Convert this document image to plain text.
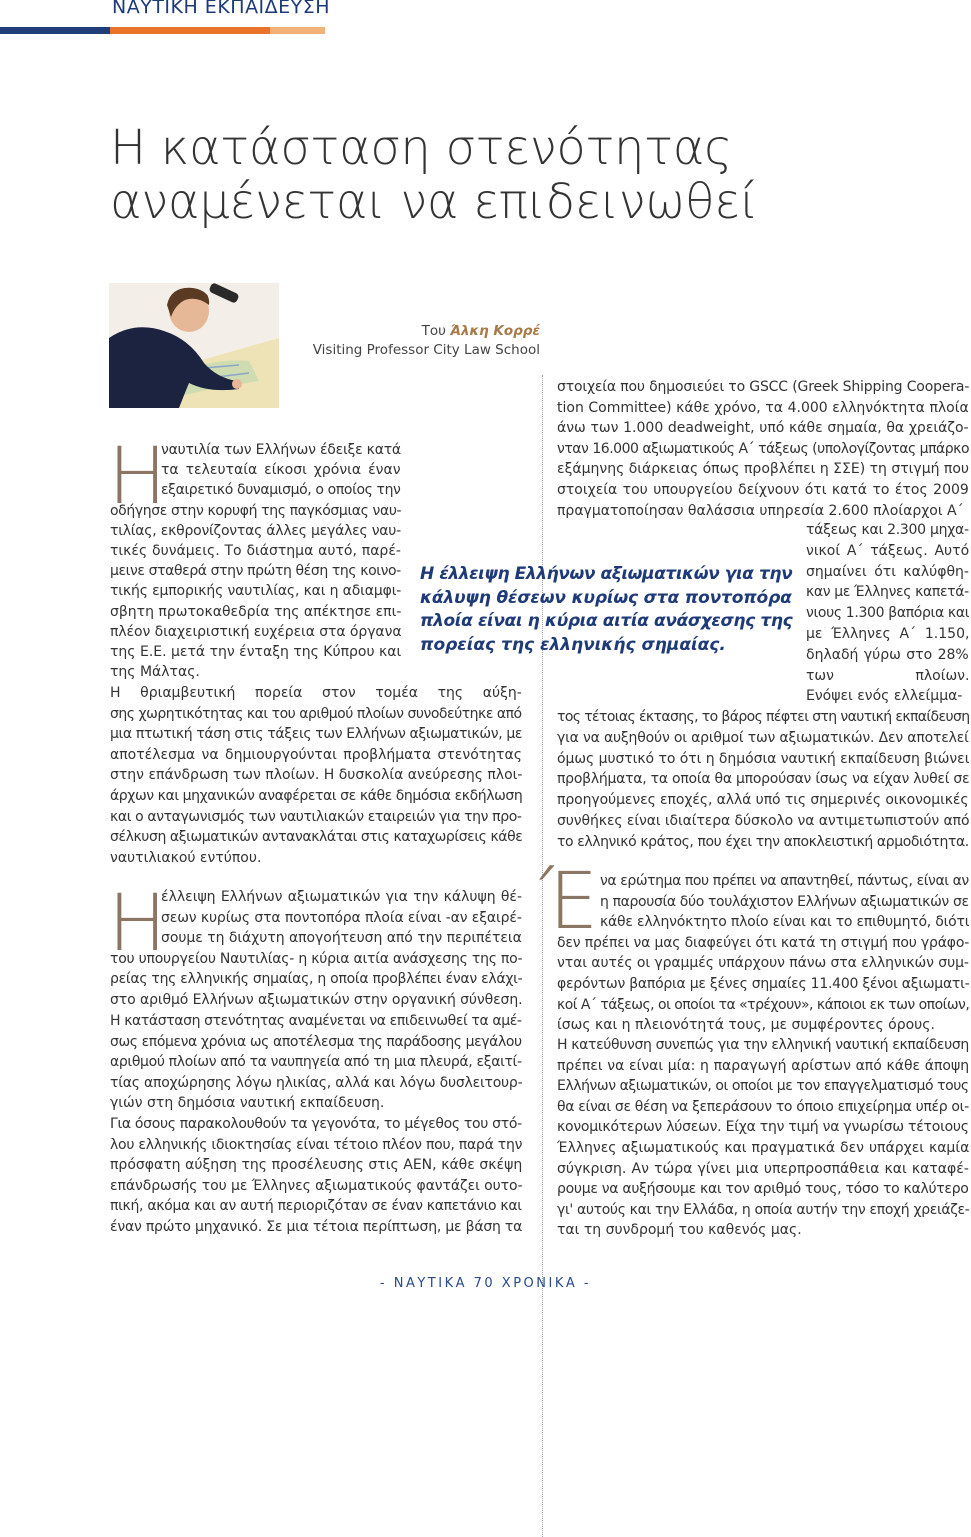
ΝΑΥΤΙΚΗ ΕΚΠΑΙΔΕΥΣΗ
Η κατάσταση στενότητας
αναμένεται να επιδεινωθεί
Του Άλκη Κορρέ
Visiting Professor City Law School
Η
Η	Έ
ναυτιλία των Ελλήνων έδειξε κατά
τα τελευταία είκοσι χρόνια έναν
εξαιρετικό δυναμισμό, ο οποίος την
οδήγησε στην κορυφή της παγκόσμιας ναυ-
τιλίας, εκθρονίζοντας άλλες μεγάλες ναυ-
τικές δυνάμεις. Το διάστημα αυτό, παρέ-
μεινε σταθερά στην πρώτη θέση της κοινο-
τικής εμπορικής ναυτιλίας, και η αδιαμφι-
σβητη πρωτοκαθεδρία της απέκτησε επι-
πλέον διαχειριστική ευχέρεια στα όργανα
της Ε.Ε. μετά την ένταξη της Κύπρου και
της Μάλτας.
Η θριαμβευτική πορεία στον τομέα της αύξη-
σης χωρητικότητας και του αριθμού πλοίων συνοδεύτηκε από
μια πτωτική τάση στις τάξεις των Ελλήνων αξιωματικών, με
αποτέλεσμα να δημιουργούνται προβλήματα στενότητας
στην επάνδρωση των πλοίων. Η δυσκολία ανεύρεσης πλοι-
άρχων και μηχανικών αναφέρεται σε κάθε δημόσια εκδήλωση
και ο ανταγωνισμός των ναυτιλιακών εταιρειών για την προ-
σέλκυση αξιωματικών αντανακλάται στις καταχωρίσεις κάθε
ναυτιλιακού εντύπου.
έλλειψη Ελλήνων αξιωματικών για την κάλυψη θέ-
σεων κυρίως στα ποντοπόρα πλοία είναι -αν εξαιρέ-
σουμε τη διάχυτη απογοήτευση από την περιπέτεια
του υπουργείου Ναυτιλίας- η κύρια αιτία ανάσχεσης της πο-
ρείας της ελληνικής σημαίας, η οποία προβλέπει έναν ελάχι-
στο αριθμό Ελλήνων αξιωματικών στην οργανική σύνθεση.
Η κατάσταση στενότητας αναμένεται να επιδεινωθεί τα αμέ-
σως επόμενα χρόνια ως αποτέλεσμα της παράδοσης μεγάλου
αριθμού πλοίων από τα ναυπηγεία από τη μια πλευρά, εξαιτί-
τίας αποχώρησης λόγω ηλικίας, αλλά και λόγω δυσλειτουρ-
γιών στη δημόσια ναυτική εκπαίδευση.
Για όσους παρακολουθούν τα γεγονότα, το μέγεθος του στό-
λου ελληνικής ιδιοκτησίας είναι τέτοιο πλέον που, παρά την
πρόσφατη αύξηση της προσέλευσης στις ΑΕΝ, κάθε σκέψη
επάνδρωσής του με Έλληνες αξιωματικούς φαντάζει ουτο-
πική, ακόμα και αν αυτή περιοριζόταν σε έναν καπετάνιο και
έναν πρώτο μηχανικό. Σε μια τέτοια περίπτωση, με βάση τα
στοιχεία που δημοσιεύει το GSCC (Greek Shipping Coopera-
tion Committee) κάθε χρόνο, τα 4.000 ελληνόκτητα πλοία
άνω των 1.000 deadweight, υπό κάθε σημαία, θα χρειάζο-
νταν 16.000 αξιωματικούς Α΄ τάξεως (υπολογίζοντας μπάρκο
εξάμηνης διάρκειας όπως προβλέπει η ΣΣΕ) τη στιγμή που
στοιχεία του υπουργείου δείχνουν ότι κατά το έτος 2009
πραγματοποίησαν θαλάσσια υπηρεσία 2.600 πλοίαρχοι Α΄
τάξεως και 2.300 μηχα-
νικοί Α΄ τάξεως. Αυτό
σημαίνει ότι καλύφθη-
καν με Έλληνες καπετά-
νιους 1.300 βαπόρια και
με Έλληνες Α΄ 1.150,
δηλαδή γύρω στο 28%
των πλοίων.
Ενόψει ενός ελλείμμα-
τος τέτοιας έκτασης, το βάρος πέφτει στη ναυτική εκπαίδευση
για να αυξηθούν οι αριθμοί των αξιωματικών. Δεν αποτελεί
όμως μυστικό το ότι η δημόσια ναυτική εκπαίδευση βιώνει
προβλήματα, τα οποία θα μπορούσαν ίσως να είχαν λυθεί σε
προηγούμενες εποχές, αλλά υπό τις σημερινές οικονομικές
συνθήκες είναι ιδιαίτερα δύσκολο να αντιμετωπιστούν από
το ελληνικό κράτος, που έχει την αποκλειστική αρμοδιότητα.
να ερώτημα που πρέπει να απαντηθεί, πάντως, είναι αν
η παρουσία δύο τουλάχιστον Ελλήνων αξιωματικών σε
κάθε ελληνόκτητο πλοίο είναι και το επιθυμητό, διότι
δεν πρέπει να μας διαφεύγει ότι κατά τη στιγμή που γράφο-
νται αυτές οι γραμμές υπάρχουν πάνω στα ελληνικών συμ-
φερόντων βαπόρια με ξένες σημαίες 11.400 ξένοι αξιωματι-
κοί Α΄ τάξεως, οι οποίοι τα «τρέχουν», κάποιοι εκ των οποίων,
ίσως και η πλειονότητά τους, με συμφέροντες όρους.
Η κατεύθυνση συνεπώς για την ελληνική ναυτική εκπαίδευση
πρέπει να είναι μία: η παραγωγή αρίστων από κάθε άποψη
Ελλήνων αξιωματικών, οι οποίοι με τον επαγγελματισμό τους
θα είναι σε θέση να ξεπεράσουν το όποιο επιχείρημα υπέρ οι-
κονομικότερων λύσεων. Είχα την τιμή να γνωρίσω τέτοιους
Έλληνες αξιωματικούς και πραγματικά δεν υπάρχει καμία
σύγκριση. Αν τώρα γίνει μια υπερπροσπάθεια και καταφέ-
ρουμε να αυξήσουμε και τον αριθμό τους, τόσο το καλύτερο
γι' αυτούς και την Ελλάδα, η οποία αυτήν την εποχή χρειάζε-
ται τη συνδρομή του καθενός μας.
Η έλλειψη Ελλήνων αξιωματικών για την
κάλυψη θέσεων κυρίως στα ποντοπόρα
πλοία είναι η κύρια αιτία ανάσχεσης της
πορείας της ελληνικής σημαίας.
- ΝΑΥΤΙΚΑ 70 ΧΡΟΝΙΚΑ -
